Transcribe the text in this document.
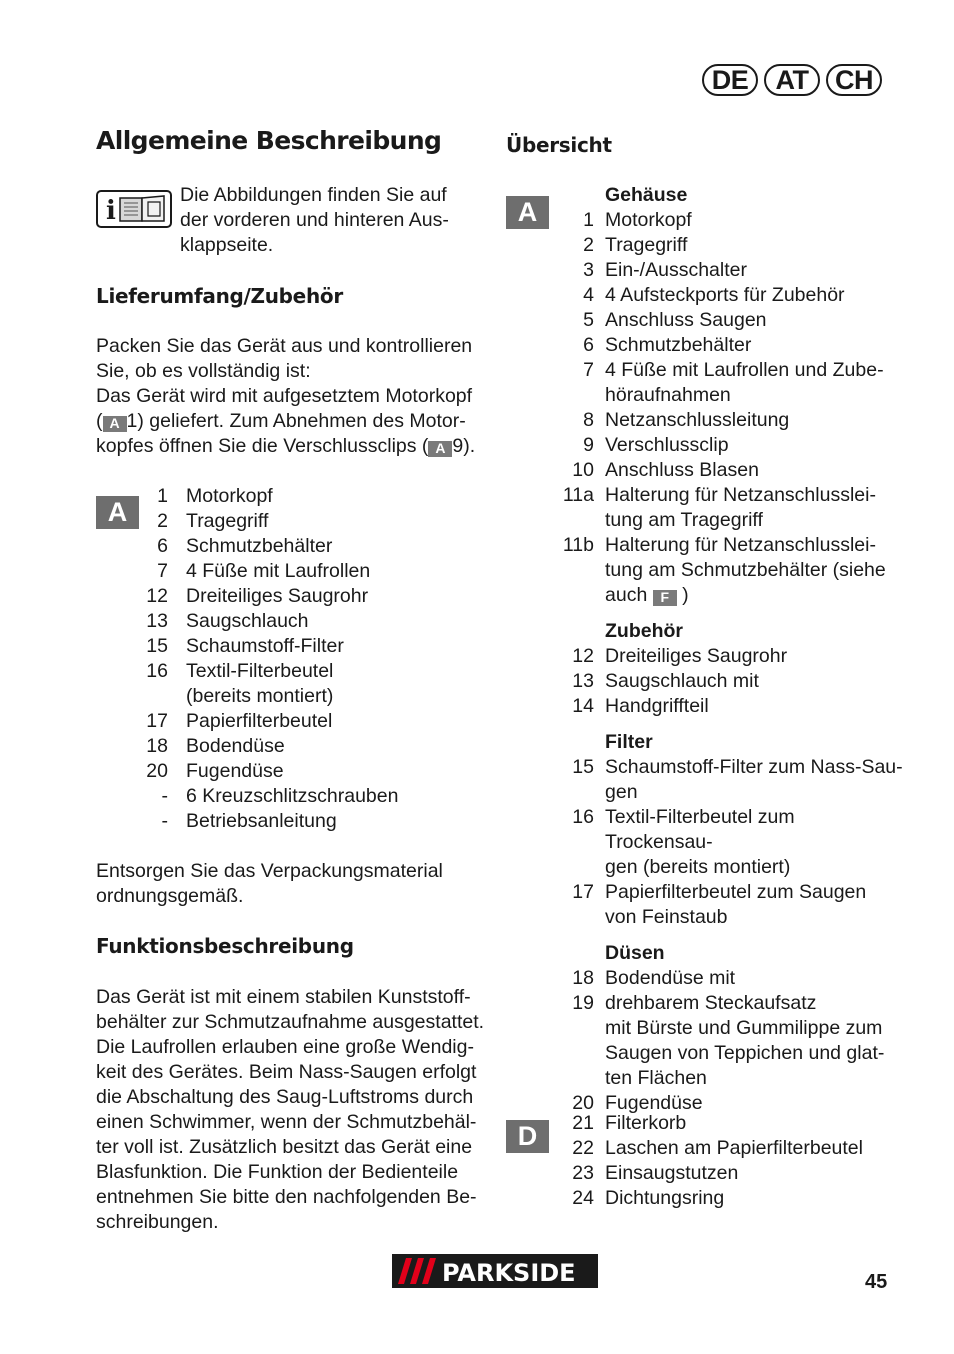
DE	AT CH
Allgemeine Beschreibung
i
Die Abbildungen finden Sie auf
der vorderen und hinteren Aus-
klappseite.
Lieferumfang/Zubehör
Packen Sie das Gerät aus und kontrollieren
Sie, ob es vollständig ist:
Das Gerät wird mit aufgesetztem Motorkopf
( A 1) geliefert. Zum Abnehmen des Motor-
kopfes öffnen Sie die Verschlussclips ( A 9).
A
1 Motorkopf
2 Tragegriff
6 Schmutzbehälter
7 4 Füße mit Laufrollen
12 Dreiteiliges Saugrohr
13 Saugschlauch
15 Schaumstoff-Filter
16 Textil-Filterbeutel
(bereits montiert)
17 Papierfilterbeutel
18 Bodendüse
20 Fugendüse
- 6 Kreuzschlitzschrauben
- Betriebsanleitung
Entsorgen Sie das Verpackungsmaterial
ordnungsgemäß.
Funktionsbeschreibung
Das Gerät ist mit einem stabilen Kunststoff-
behälter zur Schmutzaufnahme ausgestattet.
Die Laufrollen erlauben eine große Wendig-
keit des Gerätes. Beim Nass-Saugen erfolgt
die Abschaltung des Saug-Luftstroms durch
einen Schwimmer, wenn der Schmutzbehäl-
ter voll ist. Zusätzlich besitzt das Gerät eine
Blasfunktion. Die Funktion der Bedienteile
entnehmen Sie bitte den nachfolgenden Be-
schreibungen.
Übersicht
A
Gehäuse
1 Motorkopf
2 Tragegriff
3 Ein-/Ausschalter
4 4 Aufsteckports für Zubehör
5 Anschluss Saugen
6 Schmutzbehälter
7 4 Füße mit Laufrollen und Zube-
höraufnahmen
8 Netzanschlussleitung
9 Verschlussclip
10 Anschluss Blasen
11a Halterung für Netzanschlusslei-
tung am Tragegriff
11b Halterung für Netzanschlusslei-
tung am Schmutzbehälter (siehe
auch F )
Zubehör
12 Dreiteiliges Saugrohr
13 Saugschlauch mit
14 Handgriffteil
Filter
15 Schaumstoff-Filter zum Nass-Sau-
gen
16 Textil-Filterbeutel zum Trockensau-
gen (bereits montiert)
17 Papierfilterbeutel zum Saugen
von Feinstaub
Düsen
18 Bodendüse mit
19 drehbarem Steckaufsatz
mit Bürste und Gummilippe zum
Saugen von Teppichen und glat-
ten Flächen
20 Fugendüse
D	21 Filterkorb
22 Laschen am Papierfilterbeutel
23 Einsaugstutzen
24 Dichtungsring
PARKSIDE	45
